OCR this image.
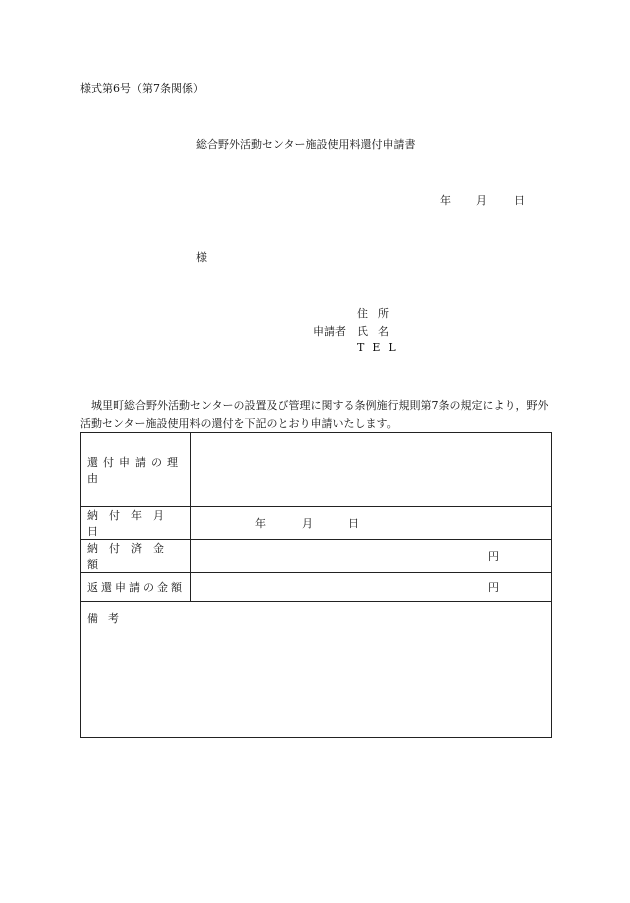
様式第6号（第7条関係）
総合野外活動センター施設使用料還付申請書
年 月 日
様
住所
申請者 氏名
TEL
城里町総合野外活動センターの設置及び管理に関する条例施行規則第7条の規定により，野外活動センター施設使用料の還付を下記のとおり申請いたします。
還付申請の理由	
納付年月日	年 月 日
納付済金額	円

返還申請の金額	円

備考	
